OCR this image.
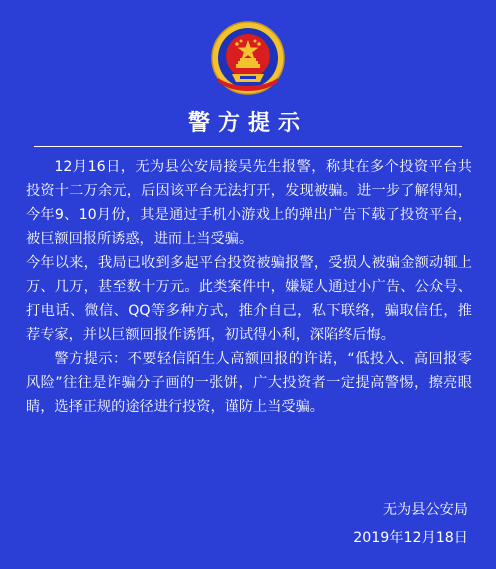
警方提示

12月16日，无为县公安局接吴先生报警，称其在多个投资平台共投资十二万余元，后因该平台无法打开，发现被骗。进一步了解得知，今年9、10月份，其是通过手机小游戏上的弹出广告下载了投资平台，被巨额回报所诱惑，进而上当受骗。

今年以来，我局已收到多起平台投资被骗报警，受损人被骗金额动辄上万、几万，甚至数十万元。此类案件中，嫌疑人通过小广告、公众号、打电话、微信、QQ等多种方式，推介自己，私下联络，骗取信任，推荐专家，并以巨额回报作诱饵，初试得小利，深陷终后悔。

警方提示：不要轻信陌生人高额回报的许诺，“低投入、高回报零风险”往往是诈骗分子画的一张饼，广大投资者一定提高警惕，擦亮眼睛，选择正规的途径进行投资，谨防上当受骗。

无为县公安局
2019年12月18日
